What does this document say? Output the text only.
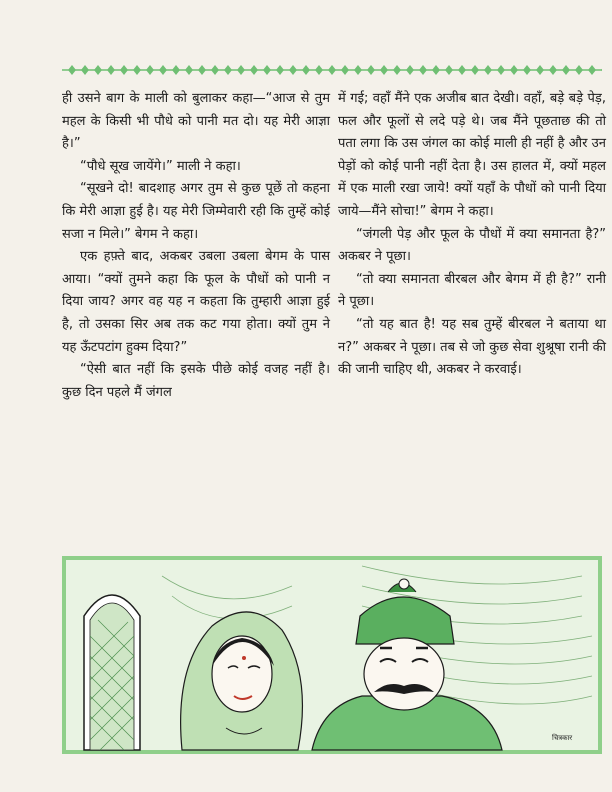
ही उसने बाग के माली को बुलाकर कहा—“आज से तुम महल के किसी भी पौधे को पानी मत दो। यह मेरी आज्ञा है।”

“पौधे सूख जायेंगे।” माली ने कहा।

“सूखने दो! बादशाह अगर तुम से कुछ पूछें तो कहना कि मेरी आज्ञा हुई है। यह मेरी जिम्मेवारी रही कि तुम्हें कोई सजा न मिले।” बेगम ने कहा।

एक हफ़्ते बाद, अकबर उबला उबला बेगम के पास आया। “क्यों तुमने कहा कि फूल के पौधों को पानी न दिया जाय? अगर वह यह न कहता कि तुम्हारी आज्ञा हुई है, तो उसका सिर अब तक कट गया होता। क्यों तुम ने यह ऊँटपटांग हुक्म दिया?”

“ऐसी बात नहीं कि इसके पीछे कोई वजह नहीं है। कुछ दिन पहले मैं जंगल

में गई; वहाँ मैंने एक अजीब बात देखी। वहाँ, बड़े बड़े पेड़, फल और फूलों से लदे पड़े थे। जब मैंने पूछताछ की तो पता लगा कि उस जंगल का कोई माली ही नहीं है और उन पेड़ों को कोई पानी नहीं देता है। उस हालत में, क्यों महल में एक माली रखा जाये! क्यों यहाँ के पौधों को पानी दिया जाये—मैंने सोचा!” बेगम ने कहा।

“जंगली पेड़ और फूल के पौधों में क्या समानता है?” अकबर ने पूछा।

“तो क्या समानता बीरबल और बेगम में ही है?” रानी ने पूछा।

“तो यह बात है! यह सब तुम्हें बीरबल ने बताया था न?” अकबर ने पूछा। तब से जो कुछ सेवा शुश्रूषा रानी की की जानी चाहिए थी, अकबर ने करवाई।

चित्रकार
